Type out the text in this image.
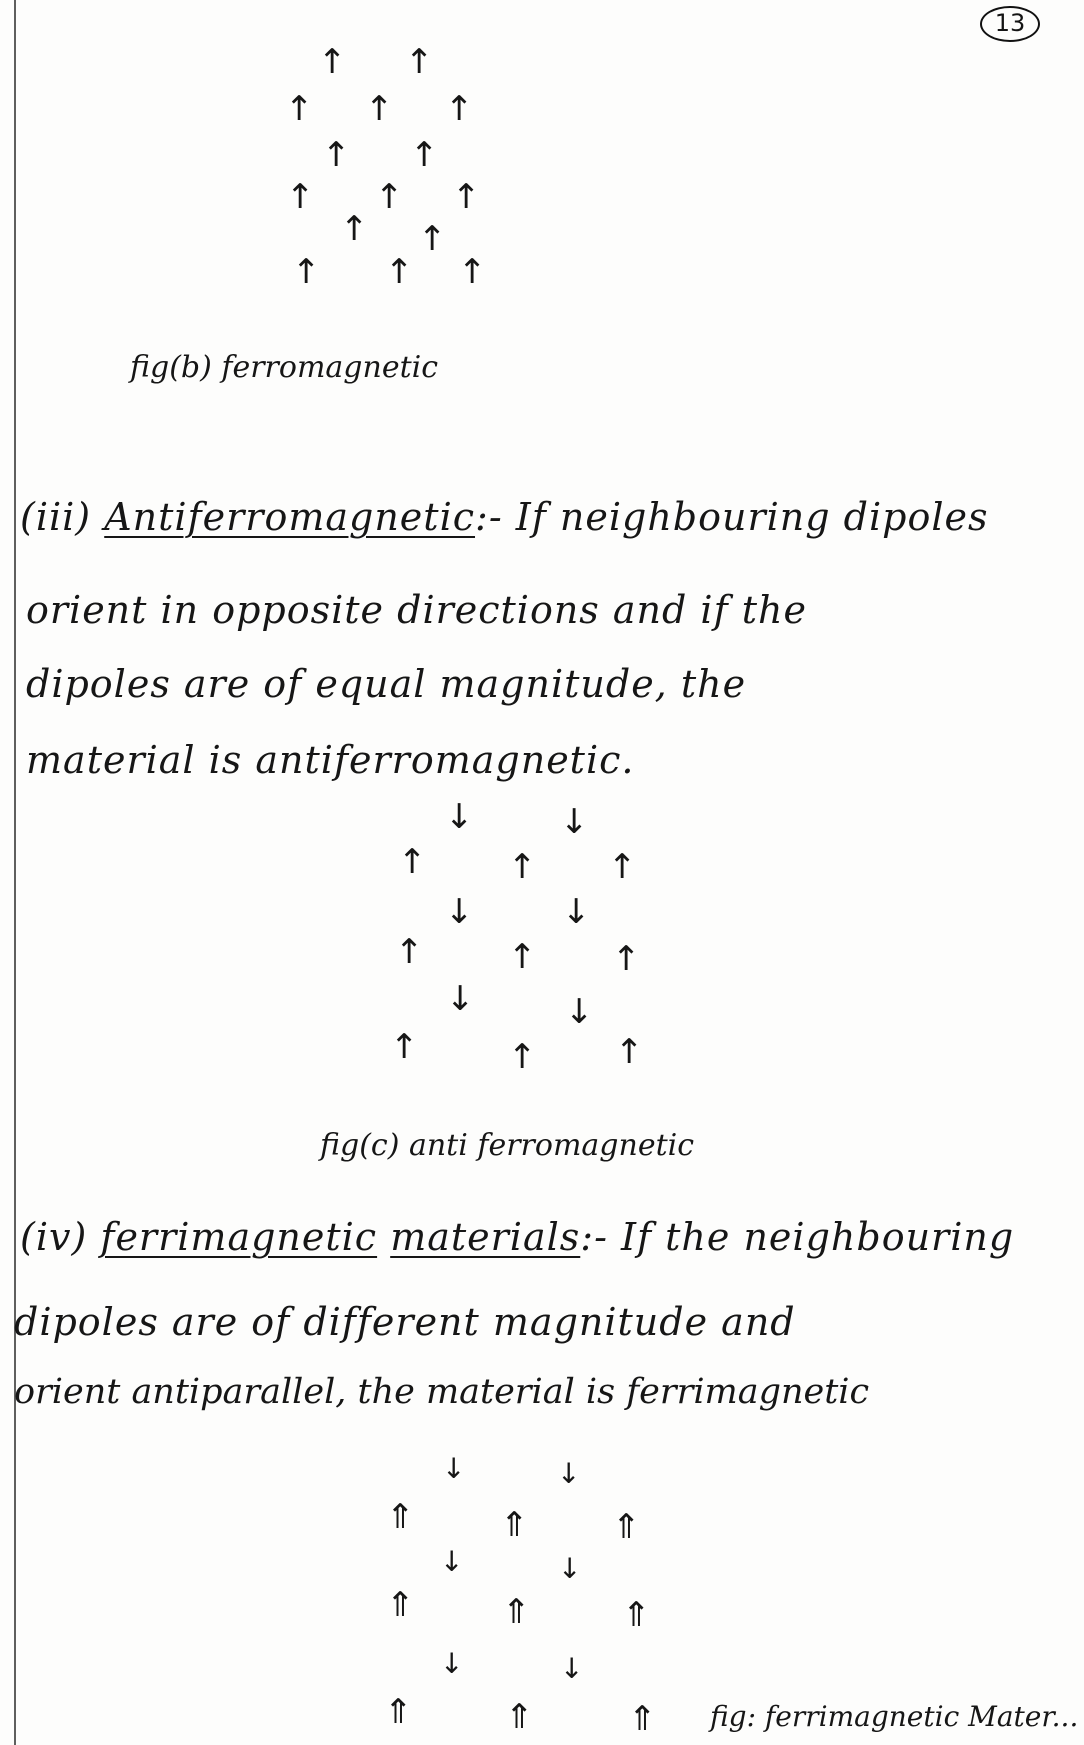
13
↑ ↑
↑ ↑ ↑
↑ ↑
↑ ↑ ↑
↑ ↑
↑ ↑ ↑
fig(b) ferromagnetic
(iii) Antiferromagnetic:- If neighbouring dipoles
orient in opposite directions and if the
dipoles are of equal magnitude, the
material is antiferromagnetic.
↓	↓
↑ ↑ ↑
↓	↓
↑ ↑ ↑
↓	↓
↑	↑ ↑
fig(c) anti ferromagnetic
(iv) ferrimagnetic materials:- If the neighbouring
dipoles are of different magnitude and
orient antiparallel, the material is ferrimagnetic
↓	↓
⇑	⇑ ⇑
↓	↓
⇑	⇑	⇑
↓	↓
⇑	⇑	⇑ fig: ferrimagnetic Mater...
